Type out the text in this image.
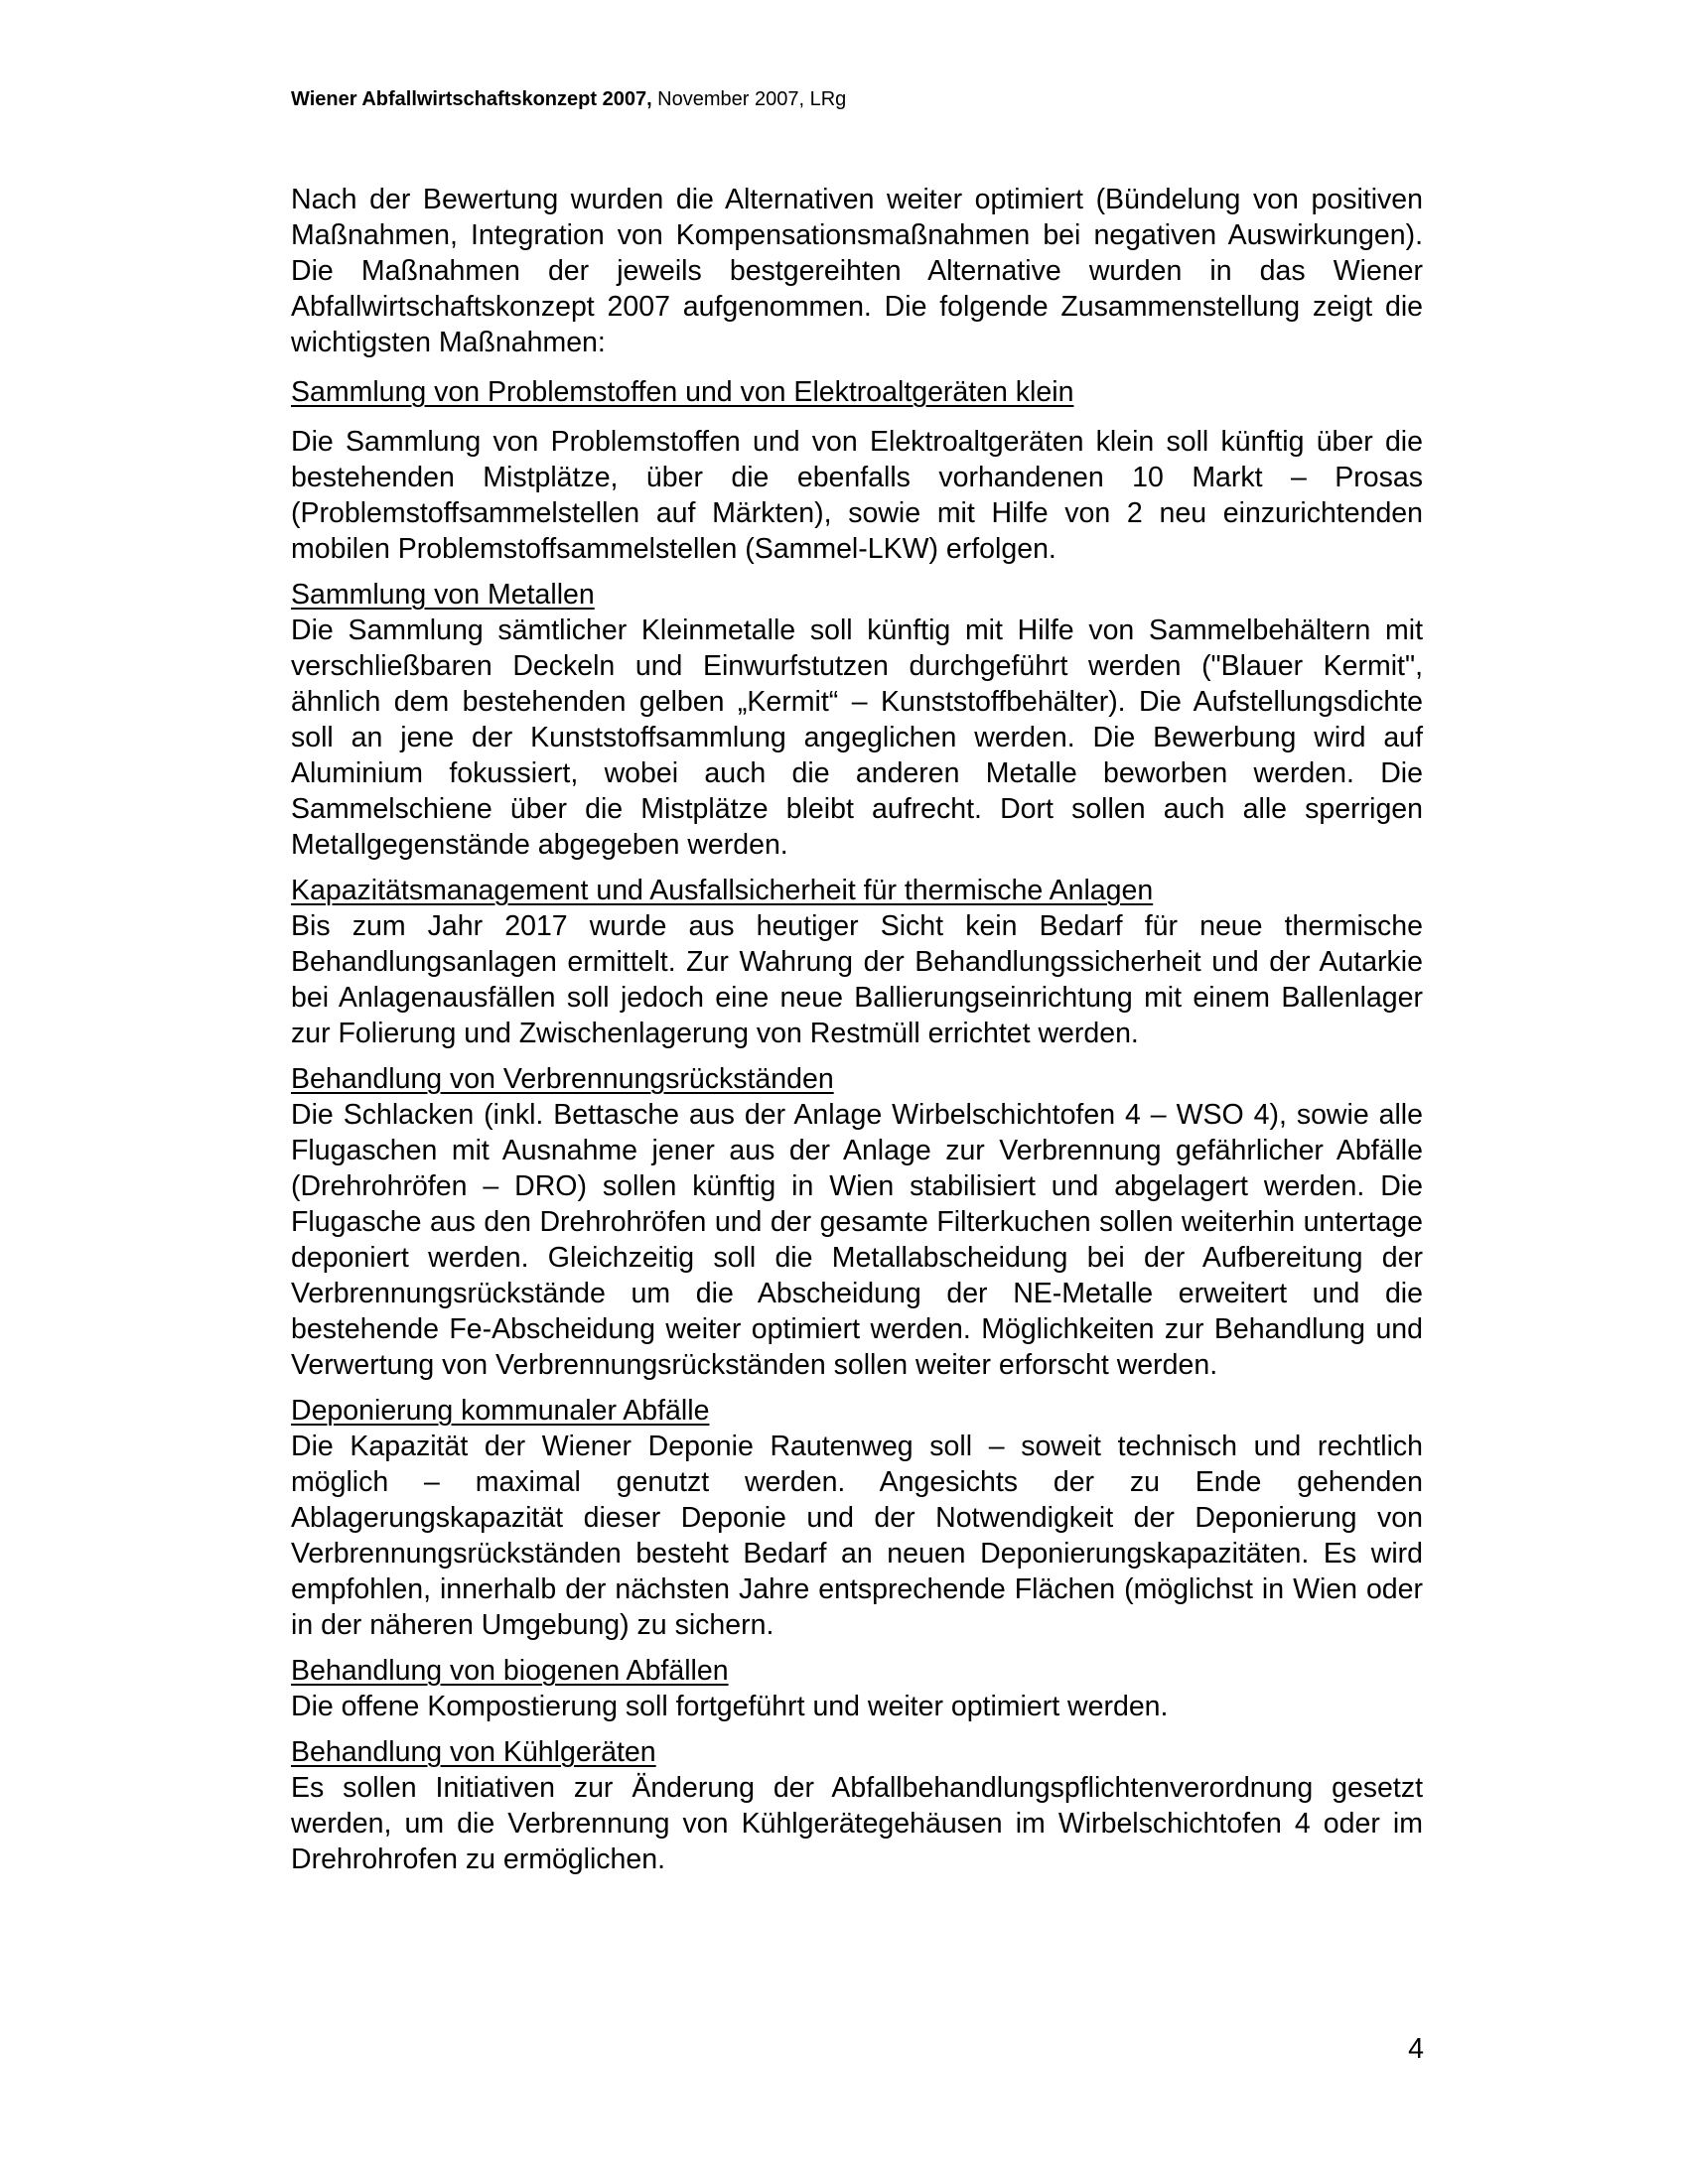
Wiener Abfallwirtschaftskonzept 2007, November 2007, LRg

Nach der Bewertung wurden die Alternativen weiter optimiert (Bündelung von positiven Maßnahmen, Integration von Kompensationsmaßnahmen bei negativen Auswirkungen). Die Maßnahmen der jeweils bestgereihten Alternative wurden in das Wiener Abfallwirtschaftskonzept 2007 aufgenommen. Die folgende Zusammenstellung zeigt die wichtigsten Maßnahmen:

Sammlung von Problemstoffen und von Elektroaltgeräten klein

Die Sammlung von Problemstoffen und von Elektroaltgeräten klein soll künftig über die bestehenden Mistplätze, über die ebenfalls vorhandenen 10 Markt – Prosas (Problemstoffsammelstellen auf Märkten), sowie mit Hilfe von 2 neu einzurichtenden mobilen Problemstoffsammelstellen (Sammel-LKW) erfolgen.

Sammlung von Metallen

Die Sammlung sämtlicher Kleinmetalle soll künftig mit Hilfe von Sammelbehältern mit verschließbaren Deckeln und Einwurfstutzen durchgeführt werden ("Blauer Kermit", ähnlich dem bestehenden gelben „Kermit“ – Kunststoffbehälter). Die Aufstellungsdichte soll an jene der Kunststoffsammlung angeglichen werden. Die Bewerbung wird auf Aluminium fokussiert, wobei auch die anderen Metalle beworben werden. Die Sammelschiene über die Mistplätze bleibt aufrecht. Dort sollen auch alle sperrigen Metallgegenstände abgegeben werden.

Kapazitätsmanagement und Ausfallsicherheit für thermische Anlagen

Bis zum Jahr 2017 wurde aus heutiger Sicht kein Bedarf für neue thermische Behandlungsanlagen ermittelt. Zur Wahrung der Behandlungssicherheit und der Autarkie bei Anlagenausfällen soll jedoch eine neue Ballierungseinrichtung mit einem Ballenlager zur Folierung und Zwischenlagerung von Restmüll errichtet werden.

Behandlung von Verbrennungsrückständen

Die Schlacken (inkl. Bettasche aus der Anlage Wirbelschichtofen 4 – WSO 4), sowie alle Flugaschen mit Ausnahme jener aus der Anlage zur Verbrennung gefährlicher Abfälle (Drehrohröfen – DRO) sollen künftig in Wien stabilisiert und abgelagert werden. Die Flugasche aus den Drehrohröfen und der gesamte Filterkuchen sollen weiterhin untertage deponiert werden. Gleichzeitig soll die Metallabscheidung bei der Aufbereitung der Verbrennungsrückstände um die Abscheidung der NE-Metalle erweitert und die bestehende Fe-Abscheidung weiter optimiert werden. Möglichkeiten zur Behandlung und Verwertung von Verbrennungsrückständen sollen weiter erforscht werden.

Deponierung kommunaler Abfälle

Die Kapazität der Wiener Deponie Rautenweg soll – soweit technisch und rechtlich möglich – maximal genutzt werden. Angesichts der zu Ende gehenden Ablagerungskapazität dieser Deponie und der Notwendigkeit der Deponierung von Verbrennungsrückständen besteht Bedarf an neuen Deponierungskapazitäten. Es wird empfohlen, innerhalb der nächsten Jahre entsprechende Flächen (möglichst in Wien oder in der näheren Umgebung) zu sichern.

Behandlung von biogenen Abfällen

Die offene Kompostierung soll fortgeführt und weiter optimiert werden.

Behandlung von Kühlgeräten

Es sollen Initiativen zur Änderung der Abfallbehandlungspflichtenverordnung gesetzt werden, um die Verbrennung von Kühlgerätegehäusen im Wirbelschichtofen 4 oder im Drehrohrofen zu ermöglichen.

4
